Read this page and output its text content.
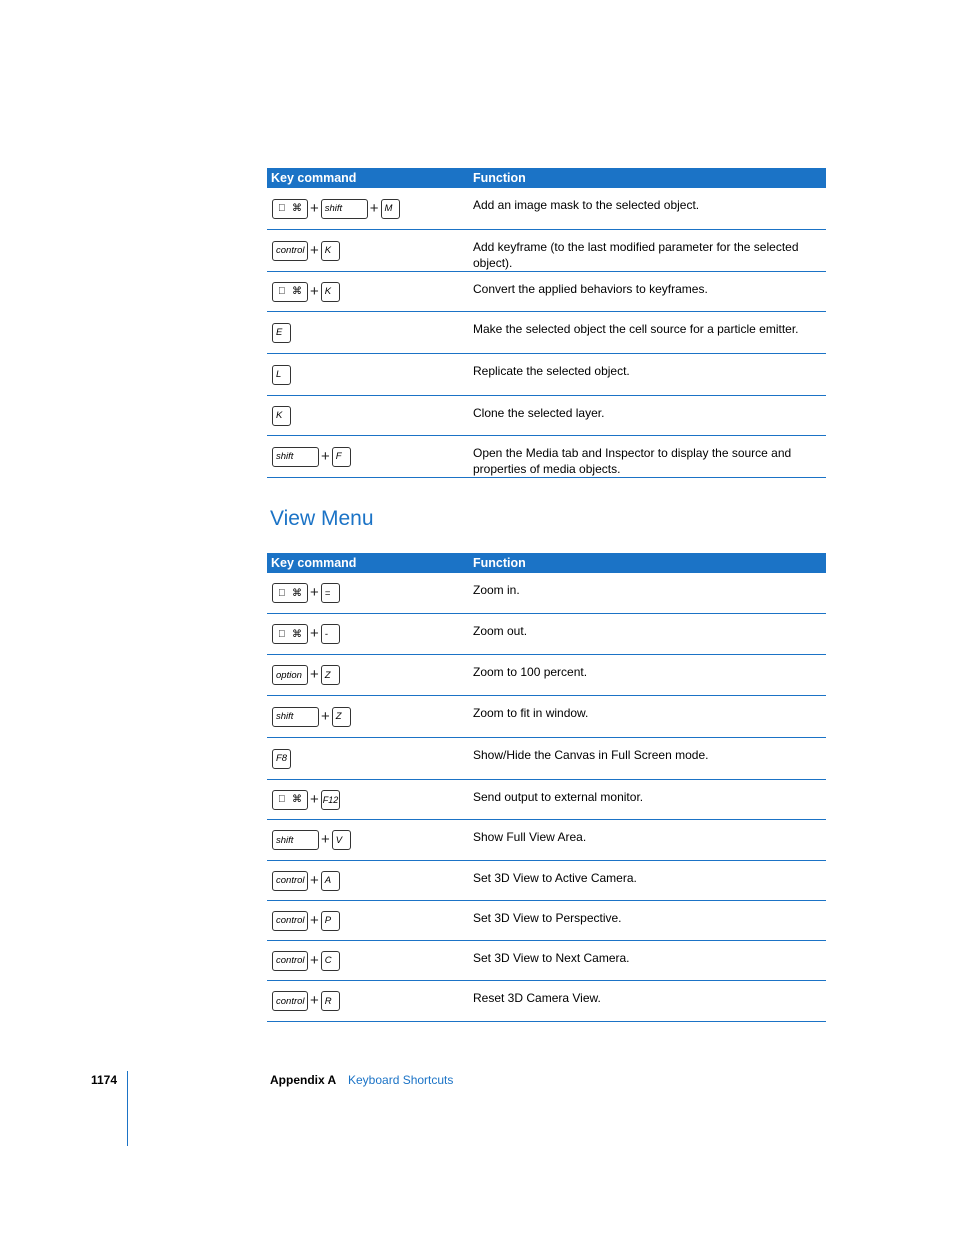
Key command	Function
⌘ + shift + M	Add an image mask to the selected object.
control + K	Add keyframe (to the last modified parameter for the selected object).
⌘ + K	Convert the applied behaviors to keyframes.
E	Make the selected object the cell source for a particle emitter.
L	Replicate the selected object.
K	Clone the selected layer.
shift + F	Open the Media tab and Inspector to display the source and properties of media objects.
View Menu
Key command	Function
⌘ + =	Zoom in.
⌘ + -	Zoom out.
option + Z	Zoom to 100 percent.
shift + Z	Zoom to fit in window.
F8	Show/Hide the Canvas in Full Screen mode.
⌘ + F12	Send output to external monitor.
shift + V	Show Full View Area.
control + A	Set 3D View to Active Camera.
control + P	Set 3D View to Perspective.
control + C	Set 3D View to Next Camera.
control + R	Reset 3D Camera View.
1174	Appendix A Keyboard Shortcuts
